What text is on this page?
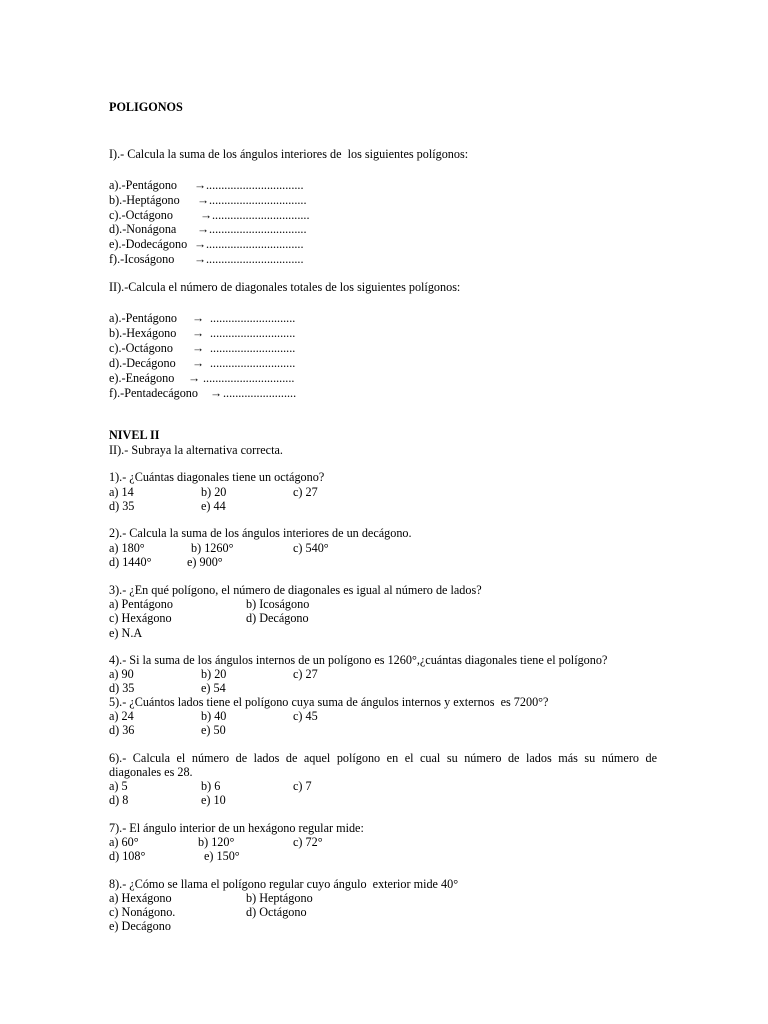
POLIGONOS
I).- Calcula la suma de los ángulos interiores de  los siguientes polígonos:
a).-Pentágono → ................................
b).-Heptágono → ................................
c).-Octágono → ................................
d).-Nonágona → ................................
e).-Dodecágono → ................................
f).-Icoságono → ................................
II).-Calcula el número de diagonales totales de los siguientes polígonos:
a).-Pentágono → ............................
b).-Hexágono → ............................
c).-Octágono → ............................
d).-Decágono → ............................
e).-Eneágono → ..............................
f).-Pentadecágono → ........................
NIVEL II
II).- Subraya la alternativa correcta.
1).- ¿Cuántas diagonales tiene un octágono?
a) 14	b) 20	c) 27
d) 35	e) 44
2).- Calcula la suma de los ángulos interiores de un decágono.
a) 180°	b) 1260°	c) 540°
d) 1440°	e) 900°
3).- ¿En qué polígono, el número de diagonales es igual al número de lados?
a) Pentágono	b) Icoságono
c) Hexágono	d) Decágono
e) N.A
4).- Si la suma de los ángulos internos de un polígono es 1260°,¿cuántas diagonales tiene el polígono?
a) 90	b) 20	c) 27
d) 35	e) 54
5).- ¿Cuántos lados tiene el polígono cuya suma de ángulos internos y externos  es 7200°?
a) 24	b) 40	c) 45
d) 36	e) 50
6).- Calcula el número de lados de aquel polígono en el cual su número de lados más su número de
diagonales es 28.
a) 5	b) 6	c) 7
d) 8	e) 10
7).- El ángulo interior de un hexágono regular mide:
a) 60°	b) 120°	c) 72°
d) 108°	e) 150°
8).- ¿Cómo se llama el polígono regular cuyo ángulo  exterior mide 40°
a) Hexágono	b) Heptágono
c) Nonágono.	d) Octágono
e) Decágono
